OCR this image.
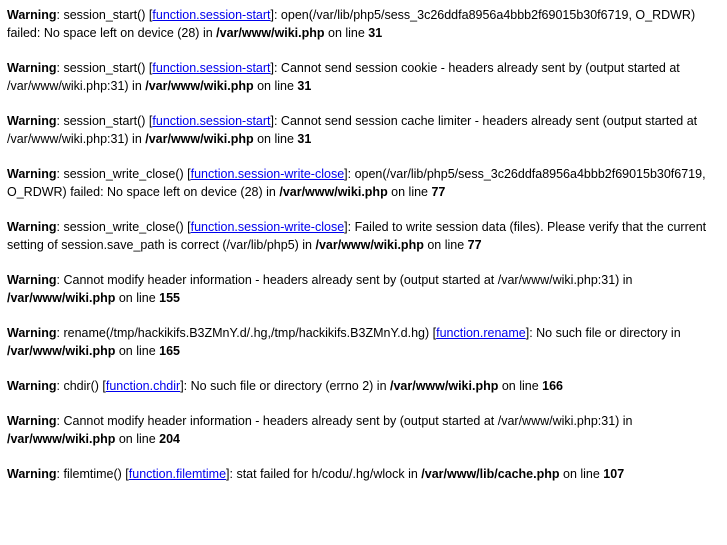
Warning: session_start() [function.session-start]: open(/var/lib/php5/sess_3c26ddfa8956a4bbb2f69015b30f6719, O_RDWR) failed: No space left on device (28) in /var/www/wiki.php on line 31
Warning: session_start() [function.session-start]: Cannot send session cookie - headers already sent by (output started at /var/www/wiki.php:31) in /var/www/wiki.php on line 31
Warning: session_start() [function.session-start]: Cannot send session cache limiter - headers already sent (output started at /var/www/wiki.php:31) in /var/www/wiki.php on line 31
Warning: session_write_close() [function.session-write-close]: open(/var/lib/php5/sess_3c26ddfa8956a4bbb2f69015b30f6719, O_RDWR) failed: No space left on device (28) in /var/www/wiki.php on line 77
Warning: session_write_close() [function.session-write-close]: Failed to write session data (files). Please verify that the current setting of session.save_path is correct (/var/lib/php5) in /var/www/wiki.php on line 77
Warning: Cannot modify header information - headers already sent by (output started at /var/www/wiki.php:31) in /var/www/wiki.php on line 155
Warning: rename(/tmp/hackikifs.B3ZMnY.d/.hg,/tmp/hackikifs.B3ZMnY.d.hg) [function.rename]: No such file or directory in /var/www/wiki.php on line 165
Warning: chdir() [function.chdir]: No such file or directory (errno 2) in /var/www/wiki.php on line 166
Warning: Cannot modify header information - headers already sent by (output started at /var/www/wiki.php:31) in /var/www/wiki.php on line 204
Warning: filemtime() [function.filemtime]: stat failed for h/codu/.hg/wlock in /var/www/lib/cache.php on line 107
